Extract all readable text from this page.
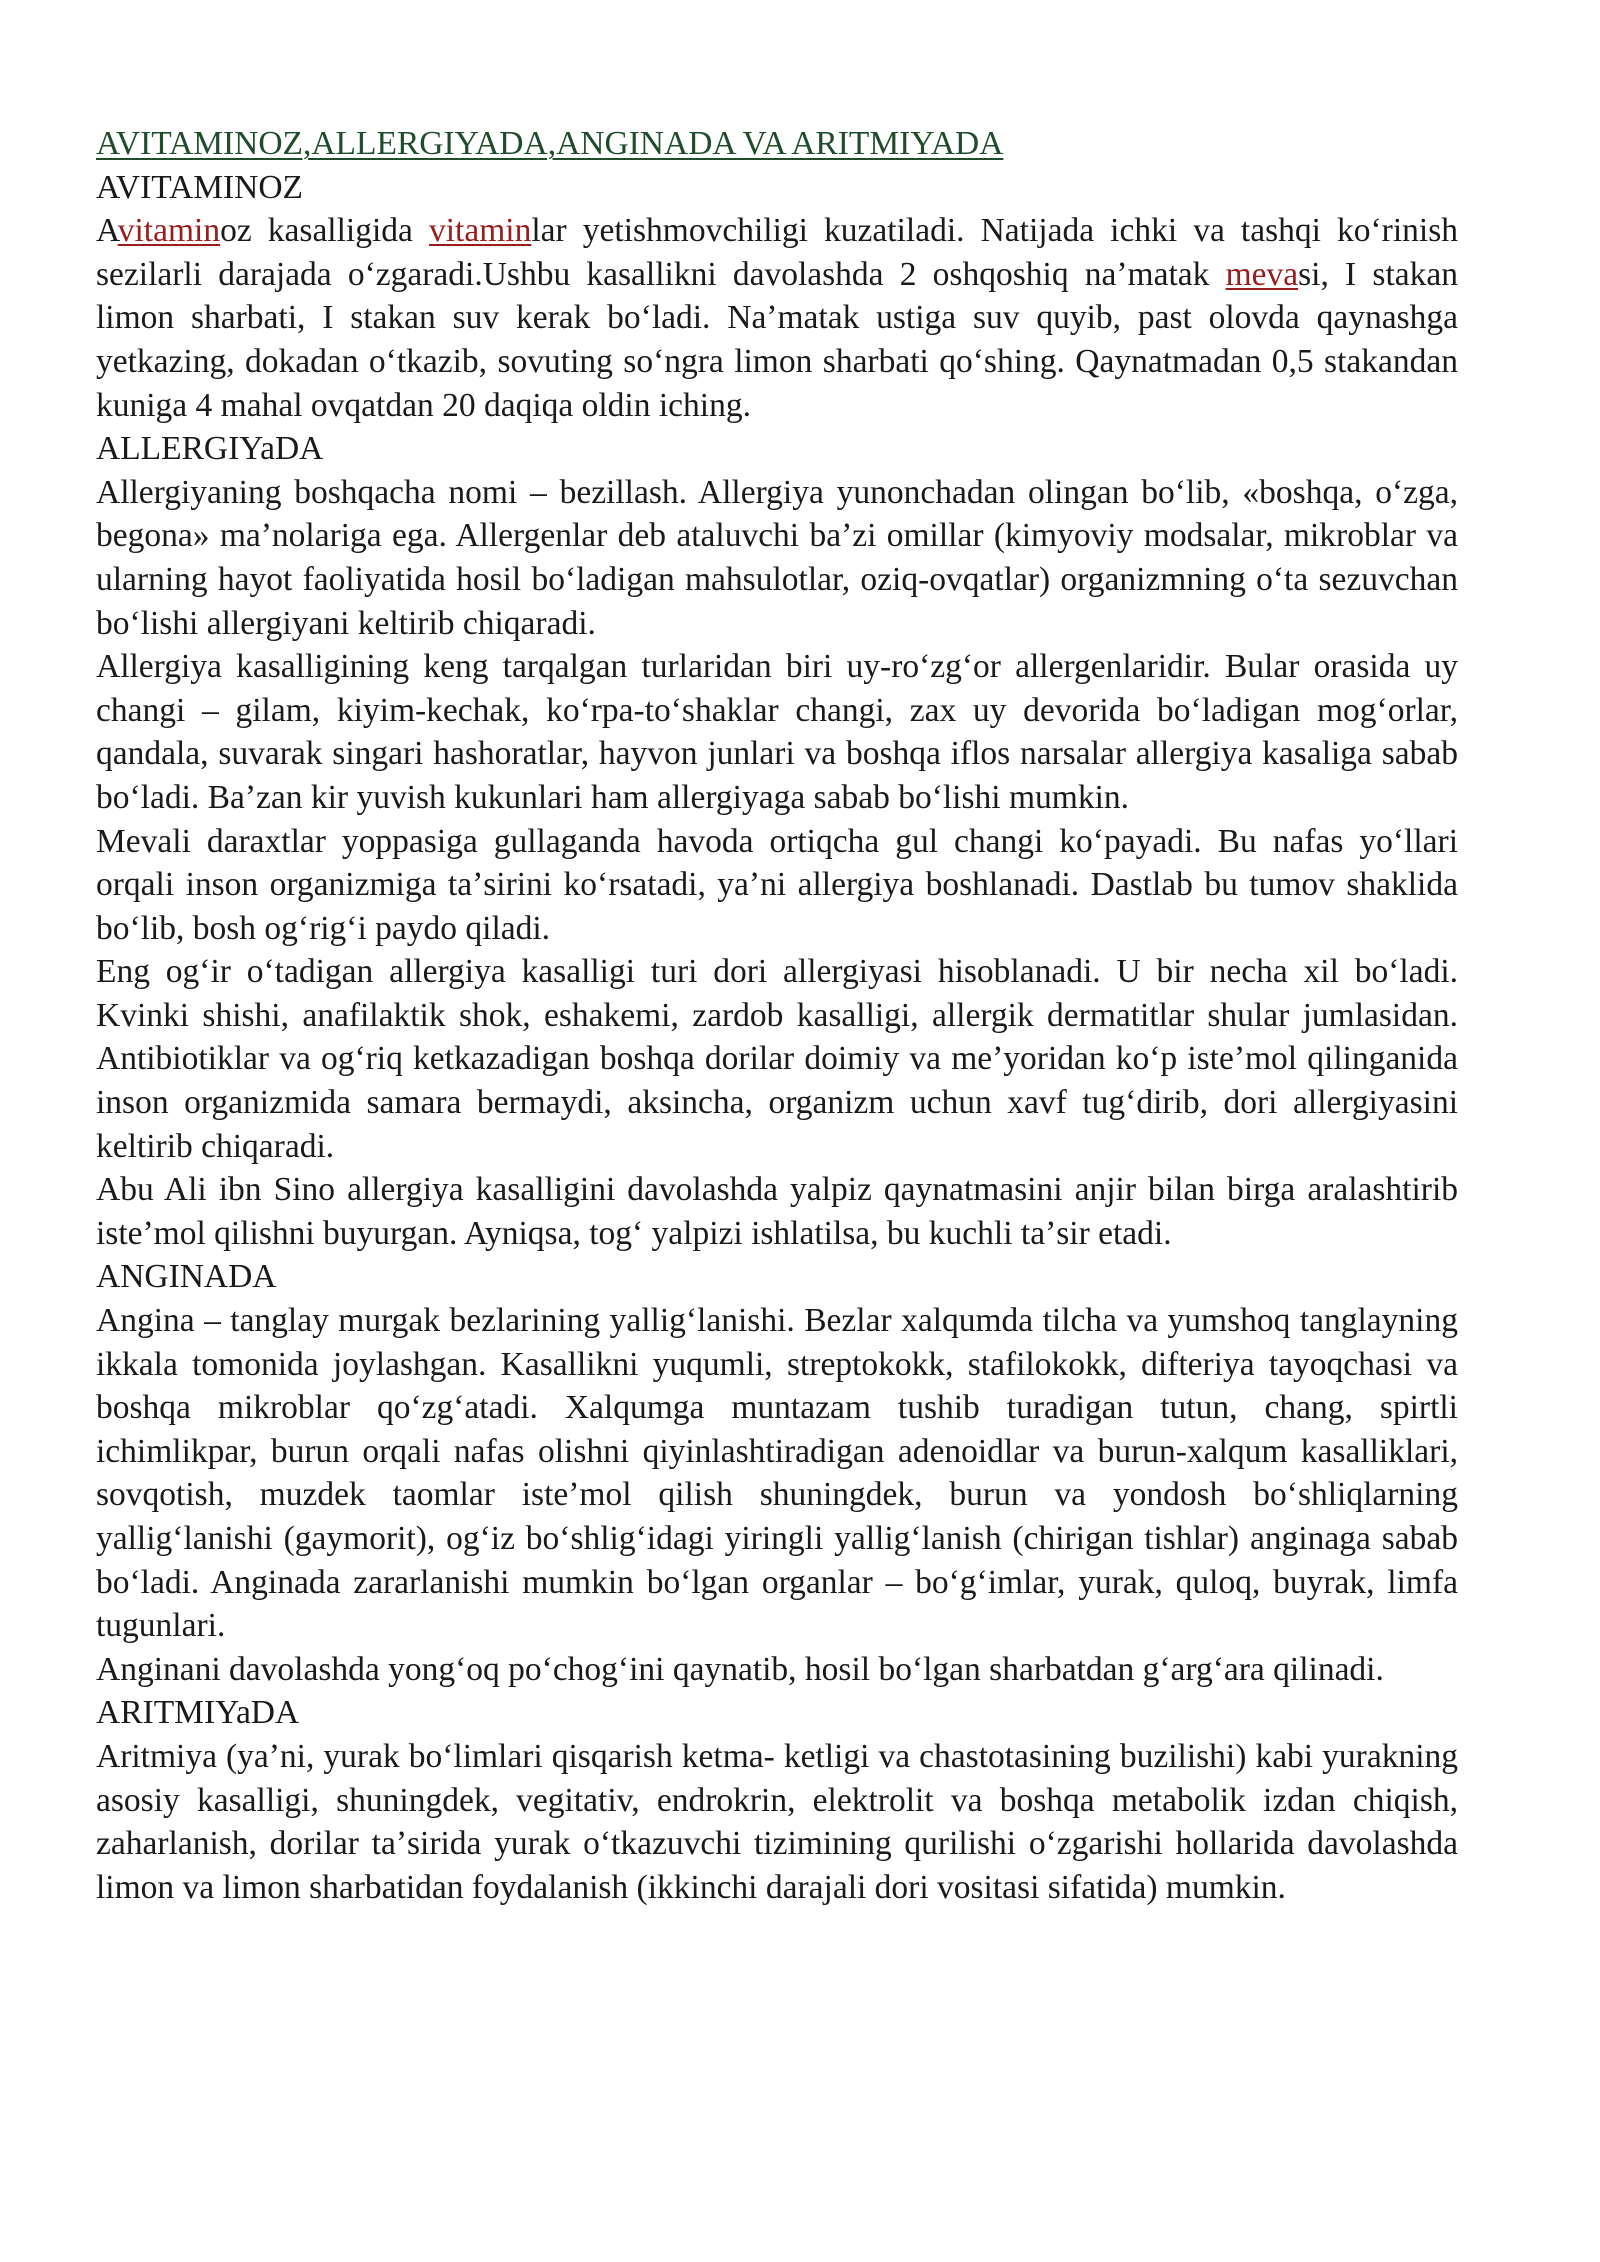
AVITAMINOZ,ALLERGIYADA,ANGINADA VA ARITMIYADA
AVITAMINOZ

Avitaminoz kasalligida vitaminlar yetishmovchiligi kuzatiladi. Natijada ichki va tashqi koʻrinish sezilarli darajada oʻzgaradi.Ushbu kasallikni davolashda 2 oshqoshiq naʼmatak mevasi, I stakan limon sharbati, I stakan suv kerak boʻladi. Naʼmatak ustiga suv quyib, past olovda qaynashga yetkazing, dokadan oʻtkazib, sovuting soʻngra limon sharbati qoʻshing. Qaynatmadan 0,5 stakandan kuniga 4 mahal ovqatdan 20 daqiqa oldin iching.

ALLERGIYaDA

Allergiyaning boshqacha nomi – bezillash. Allergiya yunonchadan olingan boʻlib, «boshqa, oʻzga, begona» maʼnolariga ega. Allergenlar deb ataluvchi baʼzi omillar (kimyoviy modsalar, mikroblar va ularning hayot faoliyatida hosil boʻladigan mahsulotlar, oziq-ovqatlar) organizmning oʻta sezuvchan boʻlishi allergiyani keltirib chiqaradi.

Allergiya kasalligining keng tarqalgan turlaridan biri uy-roʻzgʻor allergenlaridir. Bular orasida uy changi – gilam, kiyim-kechak, koʻrpa-toʻshaklar changi, zax uy devorida boʻladigan mogʻorlar, qandala, suvarak singari hashoratlar, hayvon junlari va boshqa iflos narsalar allergiya kasaliga sabab boʻladi. Baʼzan kir yuvish kukunlari ham allergiyaga sabab boʻlishi mumkin.

Mevali daraxtlar yoppasiga gullaganda havoda ortiqcha gul changi koʻpayadi. Bu nafas yoʻllari orqali inson organizmiga taʼsirini koʻrsatadi, yaʼni allergiya boshlanadi. Dastlab bu tumov shaklida boʻlib, bosh ogʻrigʻi paydo qiladi.

Eng ogʻir oʻtadigan allergiya kasalligi turi dori allergiyasi hisoblanadi. U bir necha xil boʻladi. Kvinki shishi, anafilaktik shok, eshakemi, zardob kasalligi, allergik dermatitlar shular jumlasidan. Antibiotiklar va ogʻriq ketkazadigan boshqa dorilar doimiy va meʼyoridan koʻp isteʼmol qilinganida inson organizmida samara bermaydi, aksincha, organizm uchun xavf tugʻdirib, dori allergiyasini keltirib chiqaradi.

Abu Ali ibn Sino allergiya kasalligini davolashda yalpiz qaynatmasini anjir bilan birga aralashtirib isteʼmol qilishni buyurgan. Ayniqsa, togʻ yalpizi ishlatilsa, bu kuchli taʼsir etadi.

ANGINADA

Angina – tanglay murgak bezlarining yalligʻlanishi. Bezlar xalqumda tilcha va yumshoq tanglayning ikkala tomonida joylashgan. Kasallikni yuqumli, streptokokk, stafilokokk, difteriya tayoqchasi va boshqa mikroblar qoʻzgʻatadi. Xalqumga muntazam tushib turadigan tutun, chang, spirtli ichimlikpar, burun orqali nafas olishni qiyinlashtiradigan adenoidlar va burun-xalqum kasalliklari, sovqotish, muzdek taomlar isteʼmol qilish shuningdek, burun va yondosh boʻshliqlarning yalligʻlanishi (gaymorit), ogʻiz boʻshligʻidagi yiringli yalligʻlanish (chirigan tishlar) anginaga sabab boʻladi. Anginada zararlanishi mumkin boʻlgan organlar – boʻgʻimlar, yurak, quloq, buyrak, limfa tugunlari.

Anginani davolashda yongʻoq poʻchogʻini qaynatib, hosil boʻlgan sharbatdan gʻargʻara qilinadi.

ARITMIYaDA

Aritmiya (yaʼni, yurak boʻlimlari qisqarish ketma- ketligi va chastotasining buzilishi) kabi yurakning asosiy kasalligi, shuningdek, vegitativ, endrokrin, elektrolit va boshqa metabolik izdan chiqish, zaharlanish, dorilar taʼsirida yurak oʻtkazuvchi tizimining qurilishi oʻzgarishi hollarida davolashda limon va limon sharbatidan foydalanish (ikkinchi darajali dori vositasi sifatida) mumkin.
